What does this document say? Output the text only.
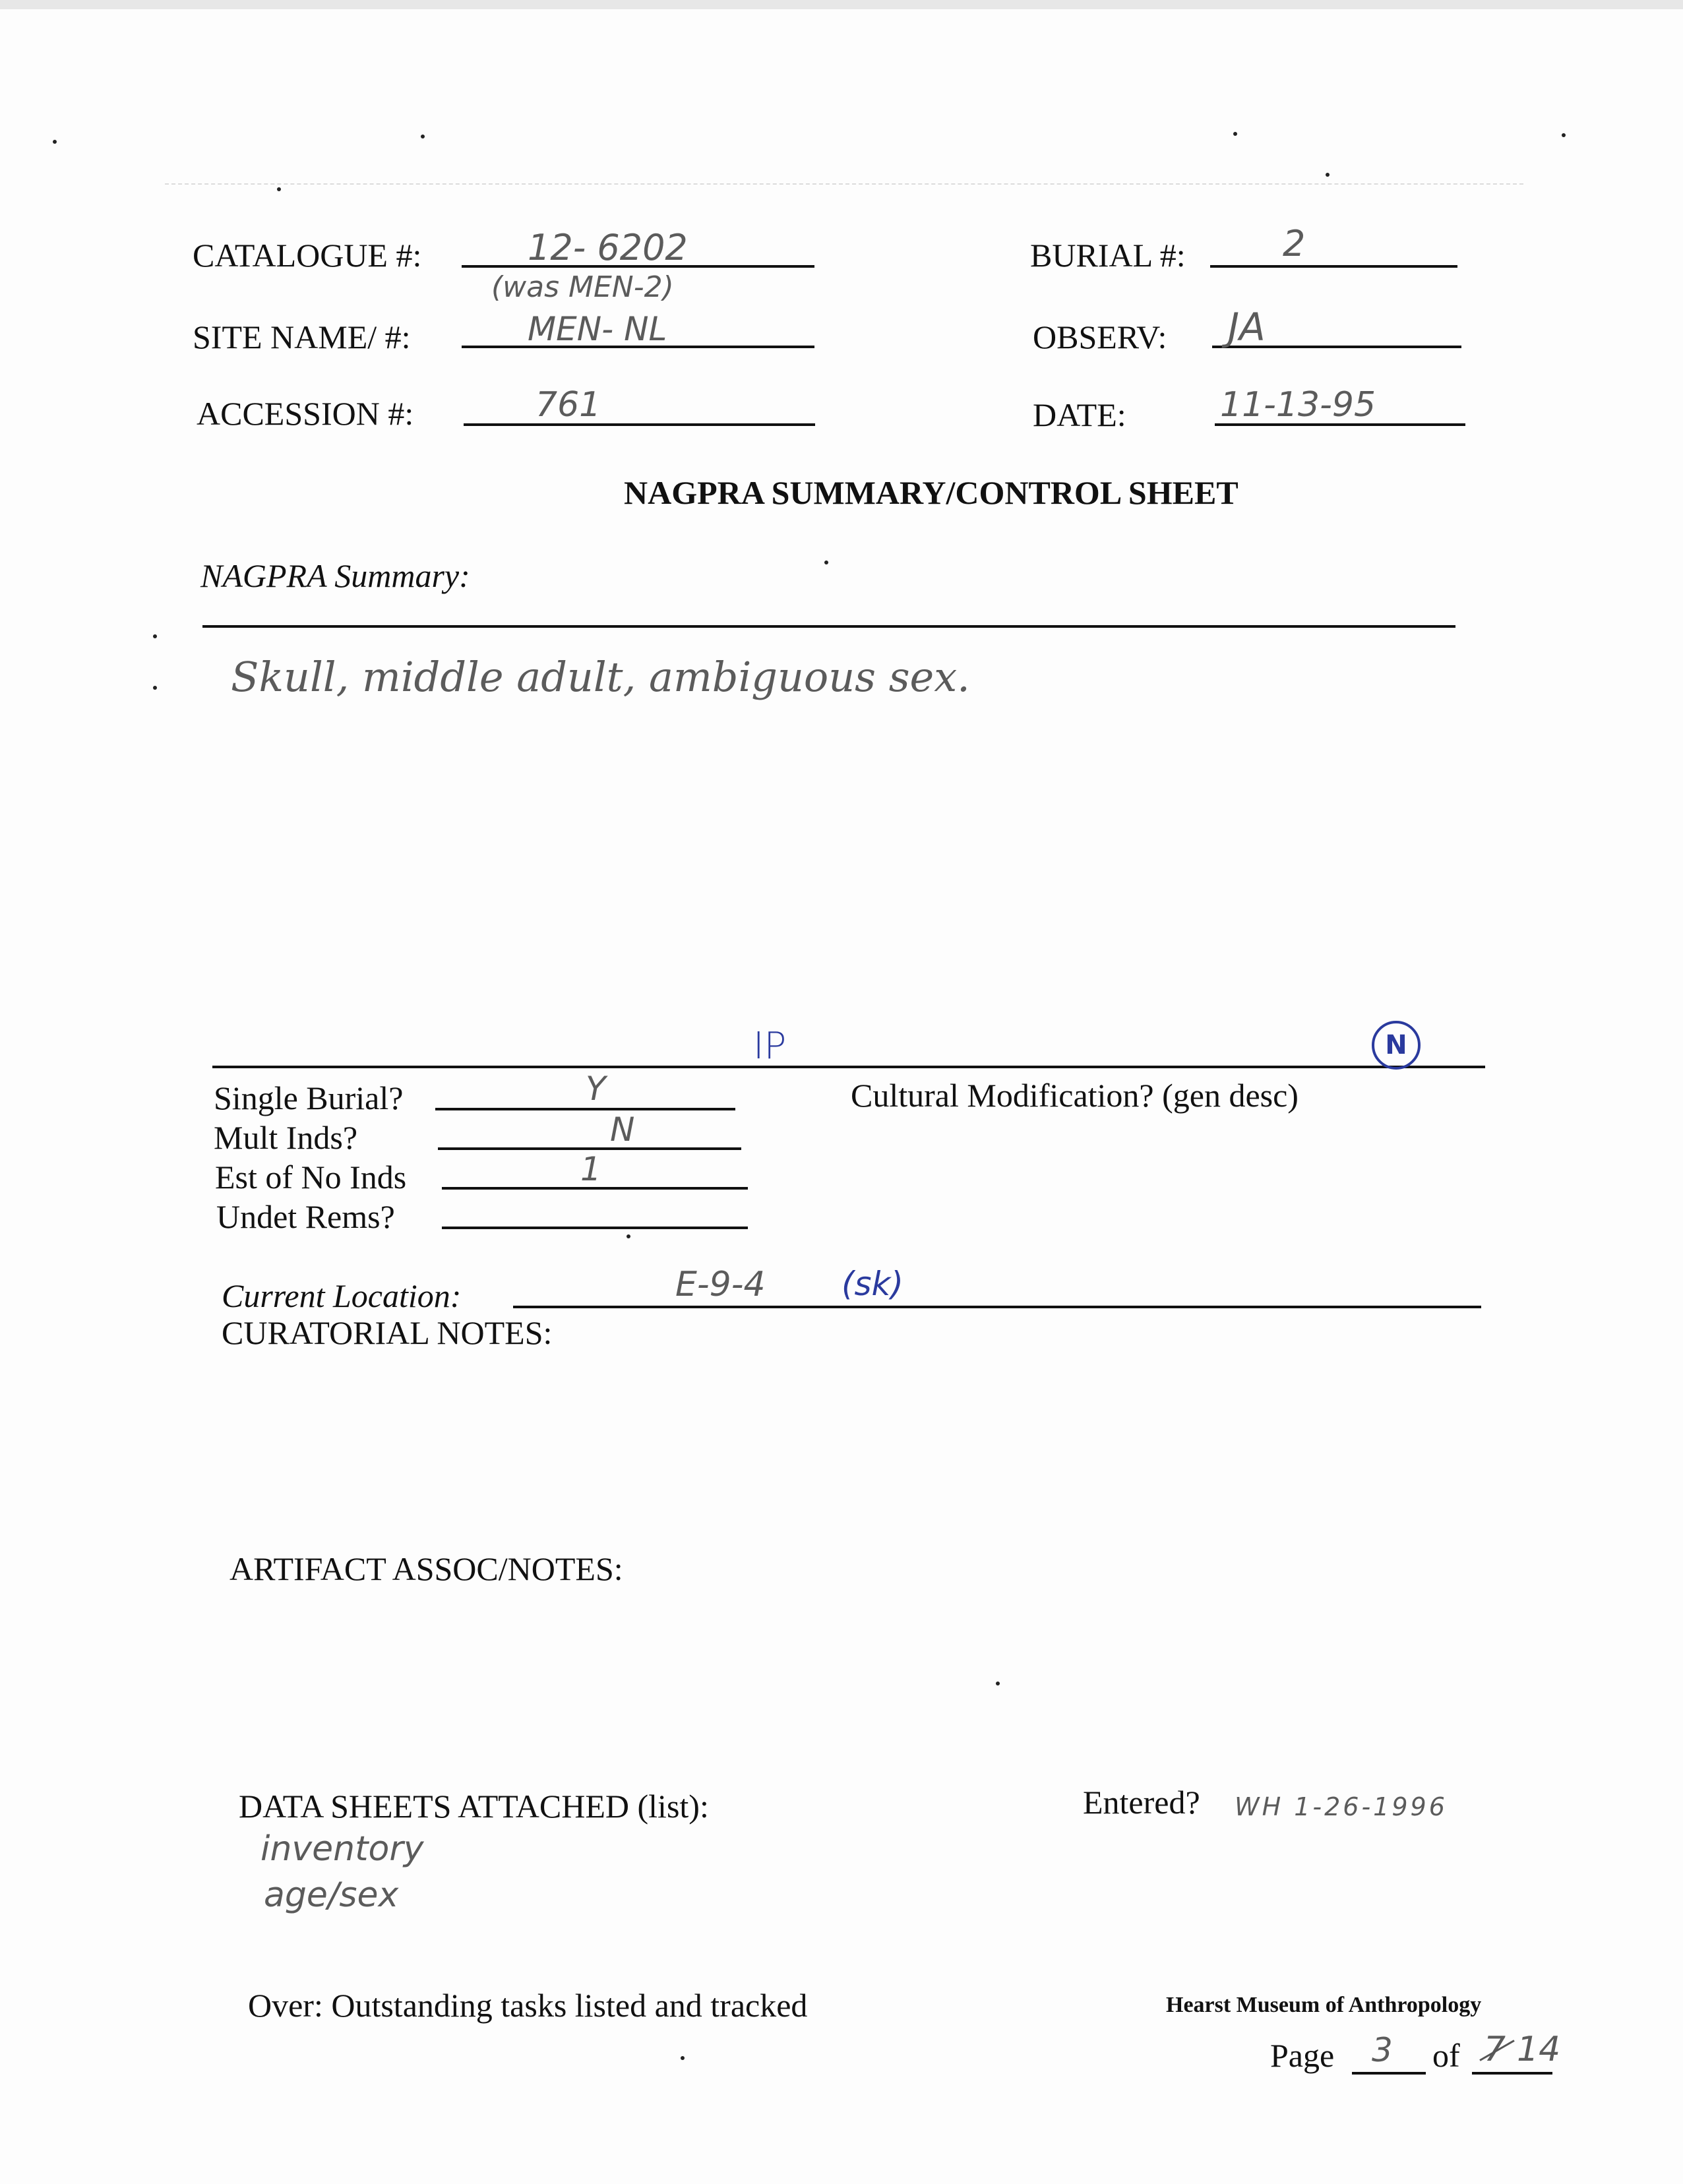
CATALOGUE #:	12- 6202
(was MEN-2)
BURIAL #:	2
SITE NAME/ #:	MEN- NL	OBSERV: JA
ACCESSION #:	761	DATE:	11-13-95
NAGPRA SUMMARY/CONTROL SHEET
NAGPRA Summary:
Skull, middle adult, ambiguous sex.
IP	N
Single Burial?	Y
Mult Inds?	N
Est of No Inds	1
Undet Rems?
Cultural Modification? (gen desc)
Current Location:	E-9-4 (sk)
CURATORIAL NOTES:
ARTIFACT ASSOC/NOTES:
DATA SHEETS ATTACHED (list):
inventory
age/sex
Entered? WH 1-26-1996
Over: Outstanding tasks listed and tracked	Hearst Museum of Anthropology
Page 3 of 7 14
